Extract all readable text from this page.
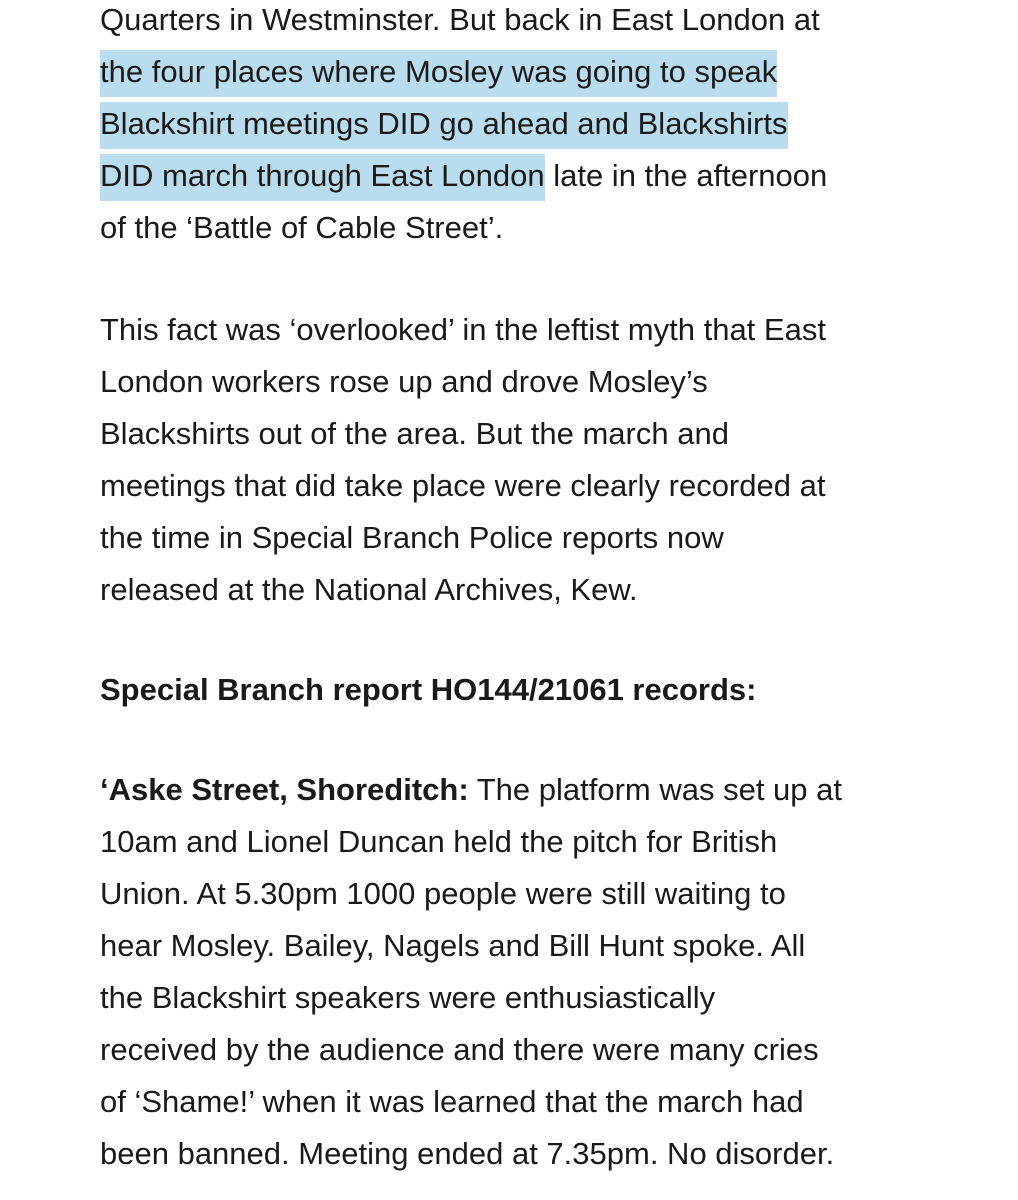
Quarters in Westminster. But back in East London at
the four places where Mosley was going to speak
Blackshirt meetings DID go ahead and Blackshirts
DID march through East London late in the afternoon
of the ‘Battle of Cable Street’.
This fact was ‘overlooked’ in the leftist myth that East
London workers rose up and drove Mosley’s
Blackshirts out of the area. But the march and
meetings that did take place were clearly recorded at
the time in Special Branch Police reports now
released at the National Archives, Kew.
Special Branch report HO144/21061 records:
‘Aske Street, Shoreditch: The platform was set up at
10am and Lionel Duncan held the pitch for British
Union. At 5.30pm 1000 people were still waiting to
hear Mosley. Bailey, Nagels and Bill Hunt spoke. All
the Blackshirt speakers were enthusiastically
received by the audience and there were many cries
of ‘Shame!’ when it was learned that the march had
been banned. Meeting ended at 7.35pm. No disorder.
